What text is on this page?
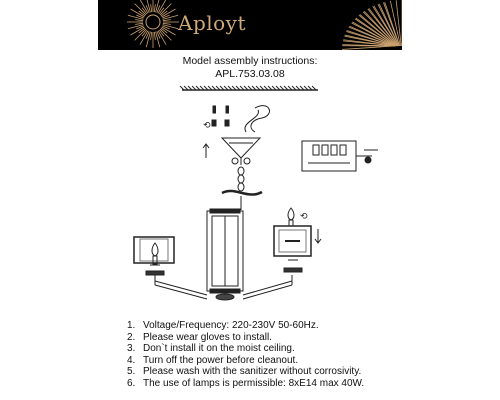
Aployt
Model assembly instructions:
APL.753.03.08
⟲
⟲
1. Voltage/Frequency: 220-230V 50-60Hz.
2. Please wear gloves to install.
3. Don`t install it on the moist ceiling.
4. Turn off the power before cleanout.
5. Please wash with the sanitizer without corrosivity.
6. The use of lamps is permissible: 8xE14 max 40W.
